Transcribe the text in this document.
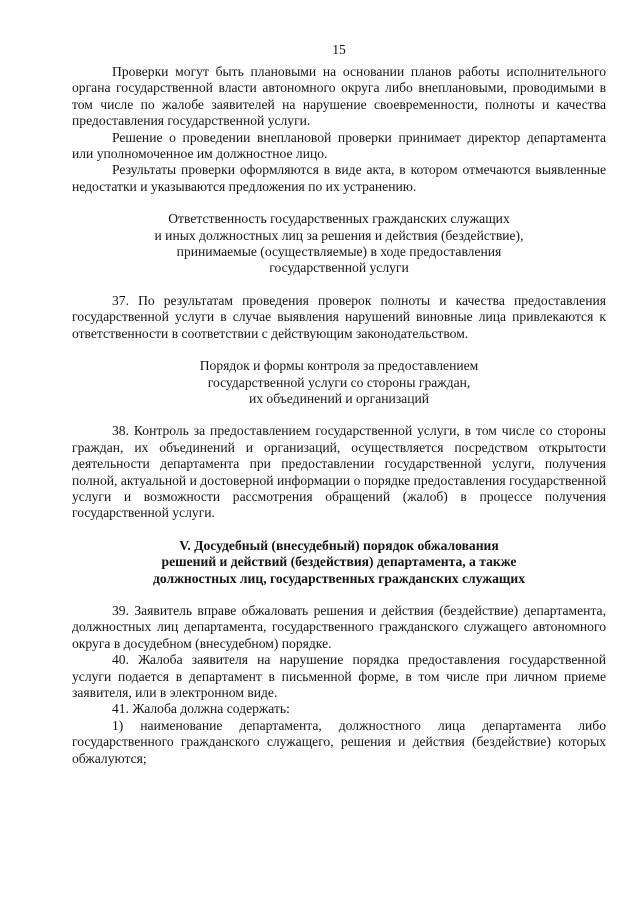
15

Проверки могут быть плановыми на основании планов работы исполнительного органа государственной власти автономного округа либо внеплановыми, проводимыми в том числе по жалобе заявителей на нарушение своевременности, полноты и качества предоставления государственной услуги.

Решение о проведении внеплановой проверки принимает директор департамента или уполномоченное им должностное лицо.

Результаты проверки оформляются в виде акта, в котором отмечаются выявленные недостатки и указываются предложения по их устранению.

Ответственность государственных гражданских служащих
и иных должностных лиц за решения и действия (бездействие),
принимаемые (осуществляемые) в ходе предоставления
государственной услуги

37. По результатам проведения проверок полноты и качества предоставления государственной услуги в случае выявления нарушений виновные лица привлекаются к ответственности в соответствии с действующим законодательством.

Порядок и формы контроля за предоставлением
государственной услуги со стороны граждан,
их объединений и организаций

38. Контроль за предоставлением государственной услуги, в том числе со стороны граждан, их объединений и организаций, осуществляется посредством открытости деятельности департамента при предоставлении государственной услуги, получения полной, актуальной и достоверной информации о порядке предоставления государственной услуги и возможности рассмотрения обращений (жалоб) в процессе получения государственной услуги.

V. Досудебный (внесудебный) порядок обжалования
решений и действий (бездействия) департамента, а также
должностных лиц, государственных гражданских служащих

39. Заявитель вправе обжаловать решения и действия (бездействие) департамента, должностных лиц департамента, государственного гражданского служащего автономного округа в досудебном (внесудебном) порядке.

40. Жалоба заявителя на нарушение порядка предоставления государственной услуги подается в департамент в письменной форме, в том числе при личном приеме заявителя, или в электронном виде.

41. Жалоба должна содержать:

1) наименование департамента, должностного лица департамента либо государственного гражданского служащего, решения и действия (бездействие) которых обжалуются;
